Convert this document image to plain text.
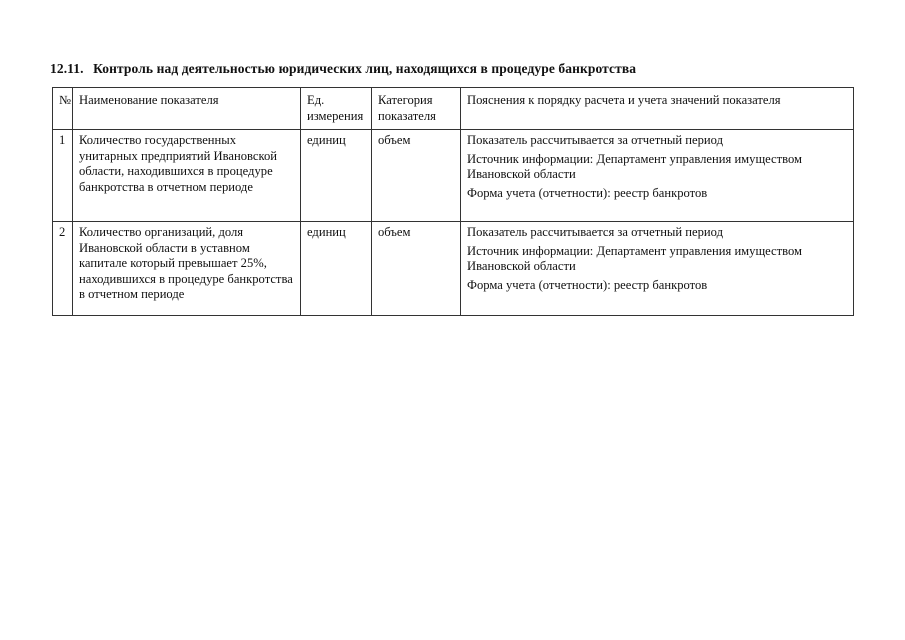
12.11. Контроль над деятельностью юридических лиц, находящихся в процедуре банкротства
№	Наименование показателя	Ед. измерения	Категория показателя	Пояснения к порядку расчета и учета значений показателя
1	Количество государственных унитарных предприятий Ивановской области, находившихся в процедуре банкротства в отчетном периоде	единиц	объем	Показатель рассчитывается за отчетный период
Источник информации: Департамент управления имуществом Ивановской области
Форма учета (отчетности): реестр банкротов

2	Количество организаций, доля Ивановской области в уставном капитале который превышает 25%, находившихся в процедуре банкротства в отчетном периоде	единиц	объем	Показатель рассчитывается за отчетный период
Источник информации: Департамент управления имуществом Ивановской области
Форма учета (отчетности): реестр банкротов
